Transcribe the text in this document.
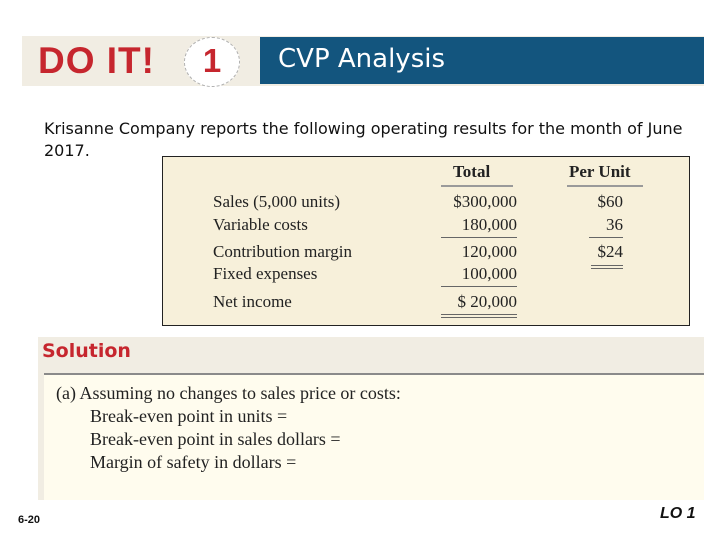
DO IT!	1	CVP Analysis
Krisanne Company reports the following operating results for the month of June 2017.
Total	Per Unit
Sales (5,000 units)	$300,000	$60
Variable costs	180,000	36
Contribution margin	120,000	$24
Fixed expenses	100,000
Net income	$ 20,000
Solution
(a) Assuming no changes to sales price or costs:
Break-even point in units =
Break-even point in sales dollars =
Margin of safety in dollars =
6-20	LO 1
